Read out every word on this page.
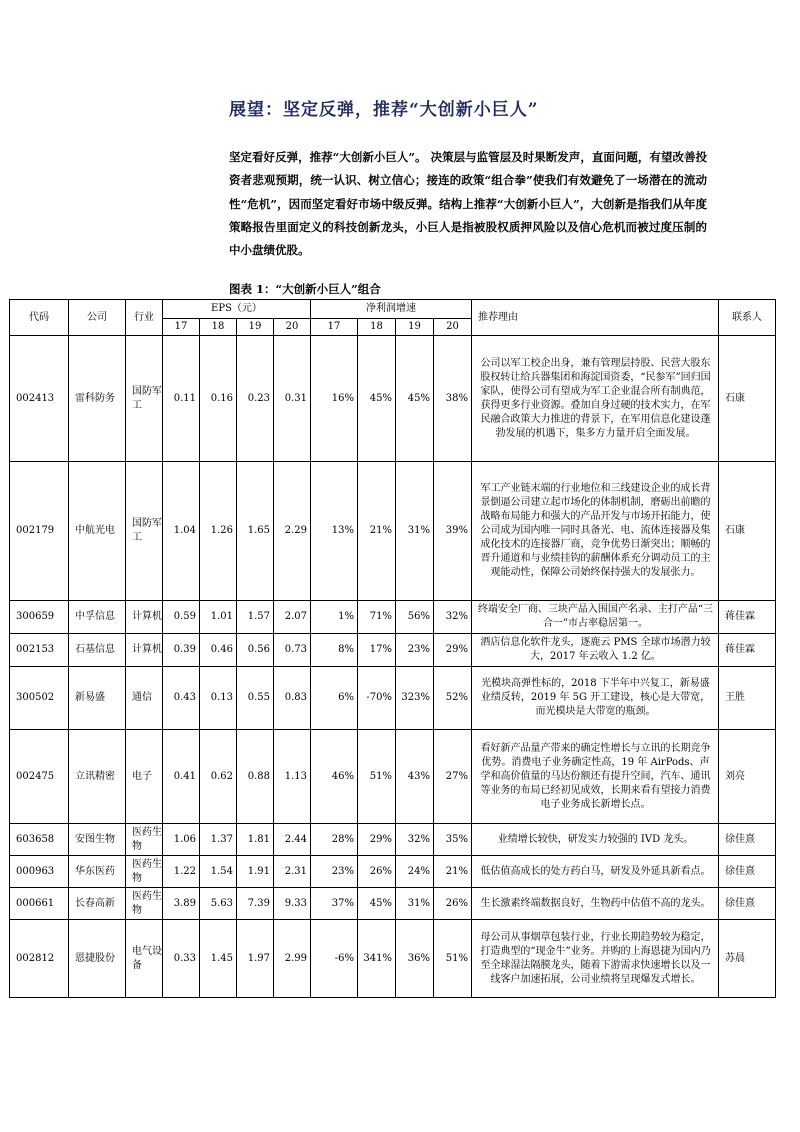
展望：坚定反弹，推荐“大创新小巨人”
坚定看好反弹，推荐“大创新小巨人”。 决策层与监管层及时果断发声，直面问题，有望改善投资者悲观预期，统一认识、树立信心；接连的政策“组合拳”使我们有效避免了一场潜在的流动性“危机”，因而坚定看好市场中级反弹。结构上推荐“大创新小巨人”，大创新是指我们从年度策略报告里面定义的科技创新龙头，小巨人是指被股权质押风险以及信心危机而被过度压制的中小盘绩优股。
图表 1：“大创新小巨人”组合
代码	公司	行业	EPS（元）				净利润增速				推荐理由	联系人
			17	18	19	20	17	18	19	20		
002413	雷科防务	国防军工	0.11	0.16	0.23	0.31	16%	45%	45%	38%	公司以军工校企出身，兼有管理层持股、民营大股东股权转让给兵器集团和海淀国资委，“民参军”回归国家队，使得公司有望成为军工企业混合所有制典范，获得更多行业资源。叠加自身过硬的技术实力，在军民融合政策大力推进的背景下，在军用信息化建设蓬勃发展的机遇下，集多方力量开启全面发展。	石康
002179	中航光电	国防军工	1.04	1.26	1.65	2.29	13%	21%	31%	39%	军工产业链末端的行业地位和三线建设企业的成长背景倒逼公司建立起市场化的体制机制，磨砺出前瞻的战略布局能力和强大的产品开发与市场开拓能力，使公司成为国内唯一同时具备光、电、流体连接器及集成化技术的连接器厂商，竞争优势日渐突出；顺畅的晋升通道和与业绩挂钩的薪酬体系充分调动员工的主观能动性，保障公司始终保持强大的发展张力。	石康
300659	中孚信息	计算机	0.59	1.01	1.57	2.07	1%	71%	56%	32%	终端安全厂商、三块产品入围国产名录、主打产品“三合一”市占率稳居第一。	蒋佳霖
002153	石基信息	计算机	0.39	0.46	0.56	0.73	8%	17%	23%	29%	酒店信息化软件龙头，逐鹿云 PMS 全球市场潜力较大，2017 年云收入 1.2 亿。	蒋佳霖
300502	新易盛	通信	0.43	0.13	0.55	0.83	6%	-70%	323%	52%	光模块高弹性标的，2018 下半年中兴复工，新易盛业绩反转，2019 年 5G 开工建设，核心是大带宽，而光模块是大带宽的瓶颈。	王胜
002475	立讯精密	电子	0.41	0.62	0.88	1.13	46%	51%	43%	27%	看好新产品量产带来的确定性增长与立讯的长期竞争优势。消费电子业务确定性高，19 年 AirPods、声学和高价值量的马达份额还有提升空间，汽车、通讯等业务的布局已经初见成效，长期来看有望接力消费电子业务成长新增长点。	刘亮
603658	安图生物	医药生物	1.06	1.37	1.81	2.44	28%	29%	32%	35%	业绩增长较快，研发实力较强的 IVD 龙头。	徐佳熹
000963	华东医药	医药生物	1.22	1.54	1.91	2.31	23%	26%	24%	21%	低估值高成长的处方药白马，研发及外延具新看点。	徐佳熹
000661	长春高新	医药生物	3.89	5.63	7.39	9.33	37%	45%	31%	26%	生长激素终端数据良好，生物药中估值不高的龙头。	徐佳熹
002812	恩捷股份	电气设备	0.33	1.45	1.97	2.99	-6%	341%	36%	51%	母公司从事烟草包装行业，行业长期趋势较为稳定，打造典型的“现金牛”业务。并购的上海恩捷为国内乃至全球湿法隔膜龙头，随着下游需求快速增长以及一线客户加速拓展，公司业绩将呈现爆发式增长。	苏晨
